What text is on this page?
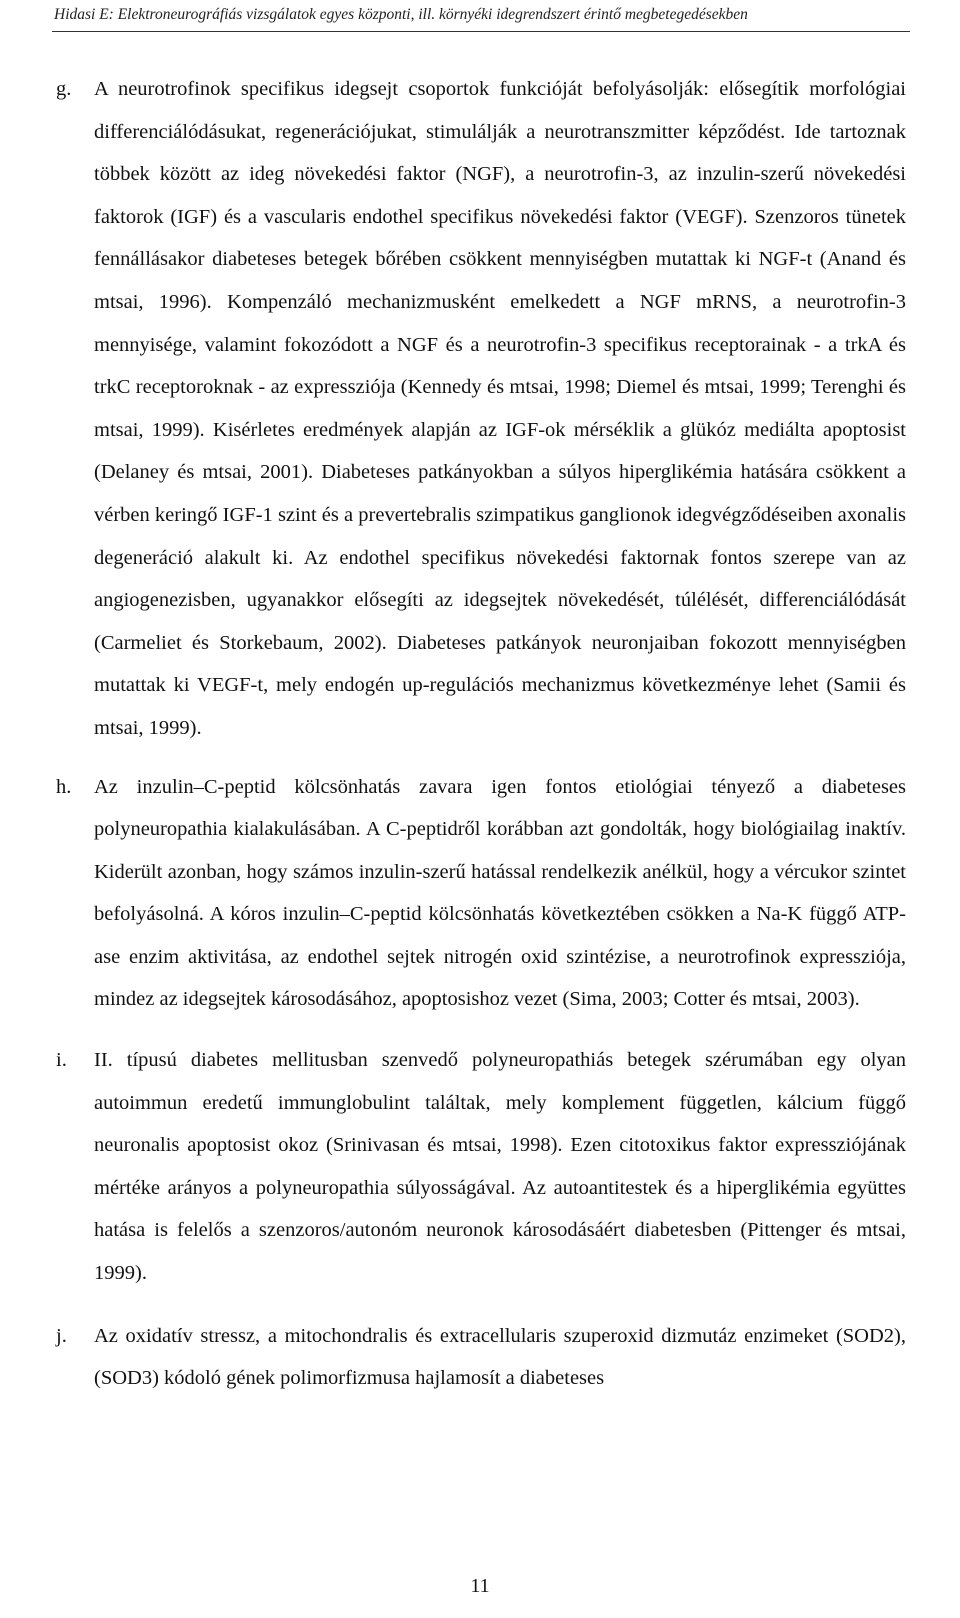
Hidasi E: Elektroneurográfiás vizsgálatok egyes központi, ill. környéki idegrendszert érintő megbetegedésekben
g.	A neurotrofinok specifikus idegsejt csoportok funkcióját befolyásolják: elősegítik morfológiai differenciálódásukat, regenerációjukat, stimulálják a neurotranszmitter képződést. Ide tartoznak többek között az ideg növekedési faktor (NGF), a neurotrofin-3, az inzulin-szerű növekedési faktorok (IGF) és a vascularis endothel specifikus növekedési faktor (VEGF). Szenzoros tünetek fennállásakor diabeteses betegek bőrében csökkent mennyiségben mutattak ki NGF-t (Anand és mtsai, 1996). Kompenzáló mechanizmusként emelkedett a NGF mRNS, a neurotrofin-3 mennyisége, valamint fokozódott a NGF és a neurotrofin-3 specifikus receptorainak - a trkA és trkC receptoroknak - az expressziója (Kennedy és mtsai, 1998; Diemel és mtsai, 1999; Terenghi és mtsai, 1999). Kisérletes eredmények alapján az IGF-ok mérséklik a glükóz mediálta apoptosist (Delaney és mtsai, 2001). Diabeteses patkányokban a súlyos hiperglikémia hatására csökkent a vérben keringő IGF-1 szint és a prevertebralis szimpatikus ganglionok idegvégződéseiben axonalis degeneráció alakult ki. Az endothel specifikus növekedési faktornak fontos szerepe van az angiogenezisben, ugyanakkor elősegíti az idegsejtek növekedését, túlélését, differenciálódását (Carmeliet és Storkebaum, 2002). Diabeteses patkányok neuronjaiban fokozott mennyiségben mutattak ki VEGF-t, mely endogén up-regulációs mechanizmus következménye lehet (Samii és mtsai, 1999).

h.	Az inzulin–C-peptid kölcsönhatás zavara igen fontos etiológiai tényező a diabeteses polyneuropathia kialakulásában. A C-peptidről korábban azt gondolták, hogy biológiailag inaktív. Kiderült azonban, hogy számos inzulin-szerű hatással rendelkezik anélkül, hogy a vércukor szintet befolyásolná. A kóros inzulin–C-peptid kölcsönhatás következtében csökken a Na-K függő ATP-ase enzim aktivitása, az endothel sejtek nitrogén oxid szintézise, a neurotrofinok expressziója, mindez az idegsejtek károsodásához, apoptosishoz vezet (Sima, 2003; Cotter és mtsai, 2003).

i.	II. típusú diabetes mellitusban szenvedő polyneuropathiás betegek szérumában egy olyan autoimmun eredetű immunglobulint találtak, mely komplement független, kálcium függő neuronalis apoptosist okoz (Srinivasan és mtsai, 1998). Ezen citotoxikus faktor expressziójának mértéke arányos a polyneuropathia súlyosságával. Az autoantitestek és a hiperglikémia együttes hatása is felelős a szenzoros/autonóm neuronok károsodásáért diabetesben (Pittenger és mtsai, 1999).

j.	Az oxidatív stressz, a mitochondralis és extracellularis szuperoxid dizmutáz enzimeket (SOD2), (SOD3) kódoló gének polimorfizmusa hajlamosít a diabeteses

11
